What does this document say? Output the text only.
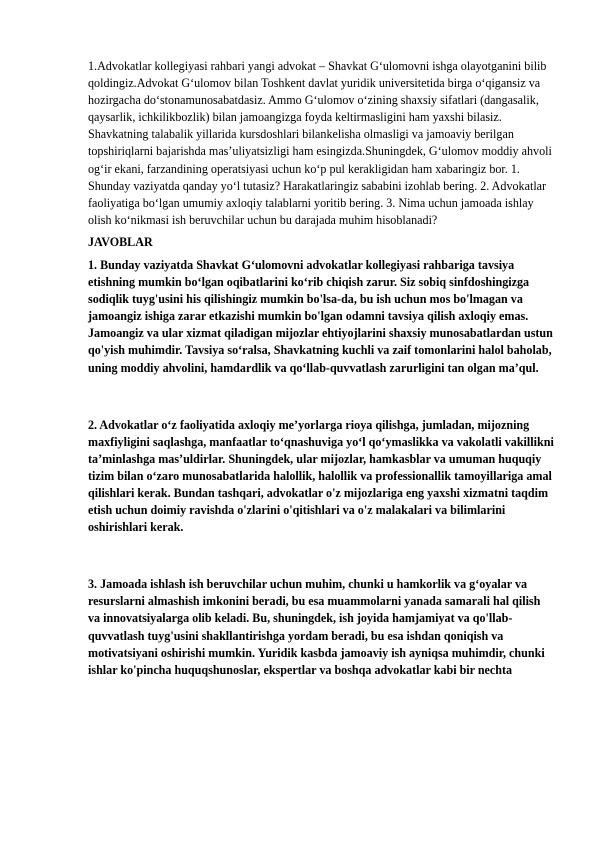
1.Advokatlar kollegiyasi rahbari yangi advokat – Shavkat G‘ulomovni ishga olayotganini bilib qoldingiz.Advokat G‘ulomov bilan Toshkent davlat yuridik universitetida birga o‘qigansiz va hozirgacha do‘stonamunosabatdasiz. Ammo G‘ulomov o‘zining shaxsiy sifatlari (dangasalik, qaysarlik, ichkilikbozlik) bilan jamoangizga foyda keltirmasligini ham yaxshi bilasiz. Shavkatning talabalik yillarida kursdoshlari bilankelisha olmasligi va jamoaviy berilgan topshiriqlarni bajarishda mas’uliyatsizligi ham esingizda.Shuningdek, G‘ulomov moddiy ahvoli og‘ir ekani, farzandining operatsiyasi uchun ko‘p pul kerakligidan ham xabaringiz bor. 1. Shunday vaziyatda qanday yo‘l tutasiz? Harakatlaringiz sababini izohlab bering. 2. Advokatlar faoliyatiga bo‘lgan umumiy axloqiy talablarni yoritib bering. 3. Nima uchun jamoada ishlay olish ko‘nikmasi ish beruvchilar uchun bu darajada muhim hisoblanadi?

JAVOBLAR

1. Bunday vaziyatda Shavkat G‘ulomovni advokatlar kollegiyasi rahbariga tavsiya etishning mumkin bo‘lgan oqibatlarini ko‘rib chiqish zarur. Siz sobiq sinfdoshingizga sodiqlik tuyg'usini his qilishingiz mumkin bo'lsa-da, bu ish uchun mos bo'lmagan va jamoangiz ishiga zarar etkazishi mumkin bo'lgan odamni tavsiya qilish axloqiy emas. Jamoangiz va ular xizmat qiladigan mijozlar ehtiyojlarini shaxsiy munosabatlardan ustun qo'yish muhimdir. Tavsiya so‘ralsa, Shavkatning kuchli va zaif tomonlarini halol baholab, uning moddiy ahvolini, hamdardlik va qo‘llab-quvvatlash zarurligini tan olgan ma’qul.

2. Advokatlar o‘z faoliyatida axloqiy me’yorlarga rioya qilishga, jumladan, mijozning maxfiyligini saqlashga, manfaatlar to‘qnashuviga yo‘l qo‘ymaslikka va vakolatli vakillikni ta’minlashga mas’uldirlar. Shuningdek, ular mijozlar, hamkasblar va umuman huquqiy tizim bilan o‘zaro munosabatlarida halollik, halollik va professionallik tamoyillariga amal qilishlari kerak. Bundan tashqari, advokatlar o'z mijozlariga eng yaxshi xizmatni taqdim etish uchun doimiy ravishda o'zlarini o'qitishlari va o'z malakalari va bilimlarini oshirishlari kerak.

3. Jamoada ishlash ish beruvchilar uchun muhim, chunki u hamkorlik va g‘oyalar va resurslarni almashish imkonini beradi, bu esa muammolarni yanada samarali hal qilish va innovatsiyalarga olib keladi. Bu, shuningdek, ish joyida hamjamiyat va qo'llab-quvvatlash tuyg'usini shakllantirishga yordam beradi, bu esa ishdan qoniqish va motivatsiyani oshirishi mumkin. Yuridik kasbda jamoaviy ish ayniqsa muhimdir, chunki ishlar ko'pincha huquqshunoslar, ekspertlar va boshqa advokatlar kabi bir nechta
